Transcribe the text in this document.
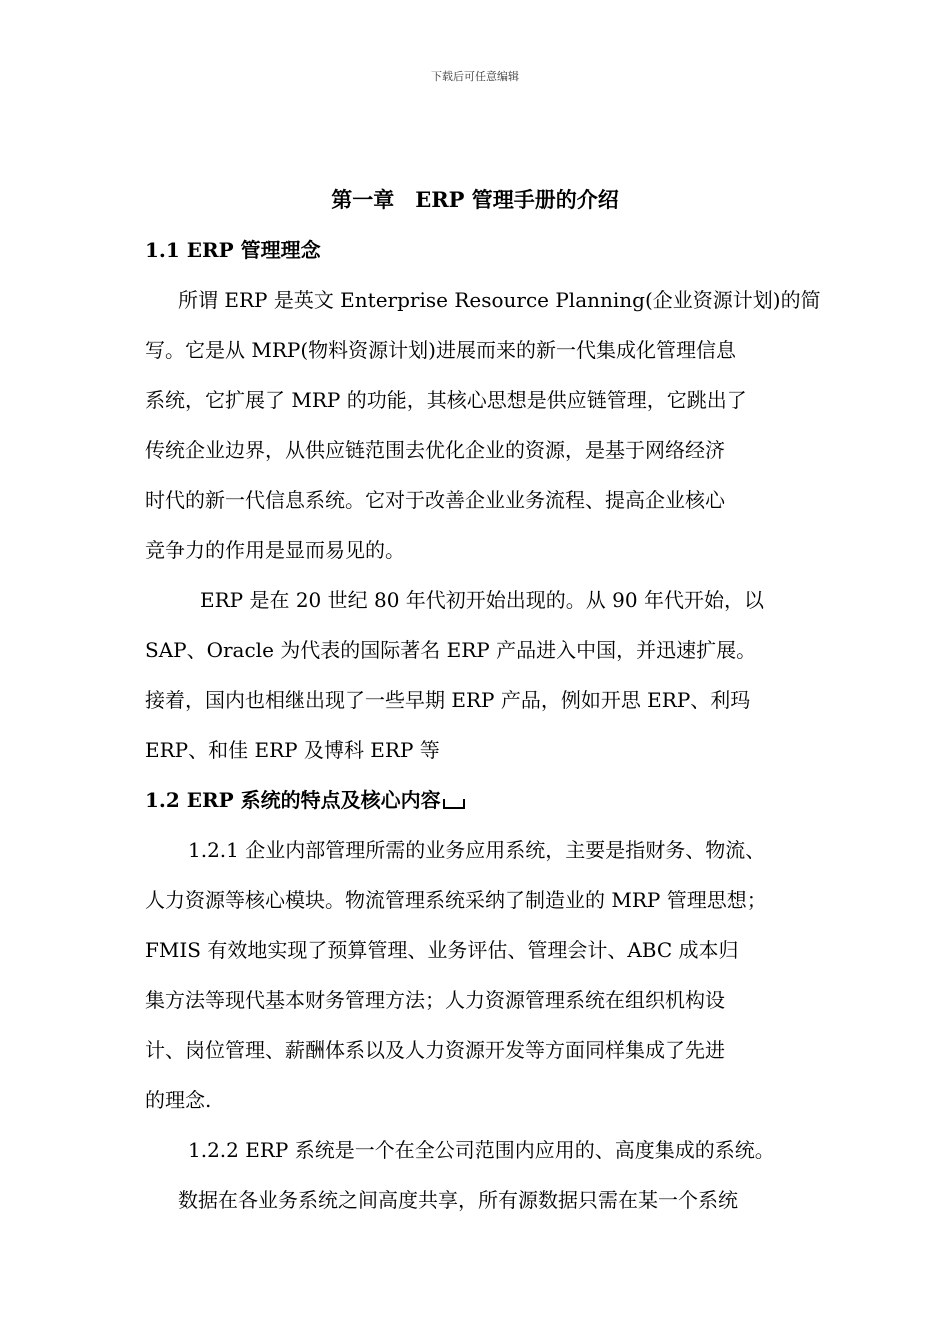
下载后可任意编辑
第一章　ERP 管理手册的介绍
1.1 ERP 管理理念
所谓 ERP 是英文 Enterprise Resource Planning(企业资源计划)的简
写。它是从 MRP(物料资源计划)进展而来的新一代集成化管理信息
系统，它扩展了 MRP 的功能，其核心思想是供应链管理，它跳出了
传统企业边界，从供应链范围去优化企业的资源，是基于网络经济
时代的新一代信息系统。它对于改善企业业务流程、提高企业核心
竞争力的作用是显而易见的。
ERP 是在 20 世纪 80 年代初开始出现的。从 90 年代开始，以
SAP、Oracle 为代表的国际著名 ERP 产品进入中国，并迅速扩展。
接着，国内也相继出现了一些早期 ERP 产品，例如开思 ERP、利玛
ERP、和佳 ERP 及博科 ERP 等
1.2 ERP 系统的特点及核心内容
1.2.1 企业内部管理所需的业务应用系统，主要是指财务、物流、
人力资源等核心模块。物流管理系统采纳了制造业的 MRP 管理思想；
FMIS 有效地实现了预算管理、业务评估、管理会计、ABC 成本归
集方法等现代基本财务管理方法；人力资源管理系统在组织机构设
计、岗位管理、薪酬体系以及人力资源开发等方面同样集成了先进
的理念.
1.2.2 ERP 系统是一个在全公司范围内应用的、高度集成的系统。
数据在各业务系统之间高度共享，所有源数据只需在某一个系统
